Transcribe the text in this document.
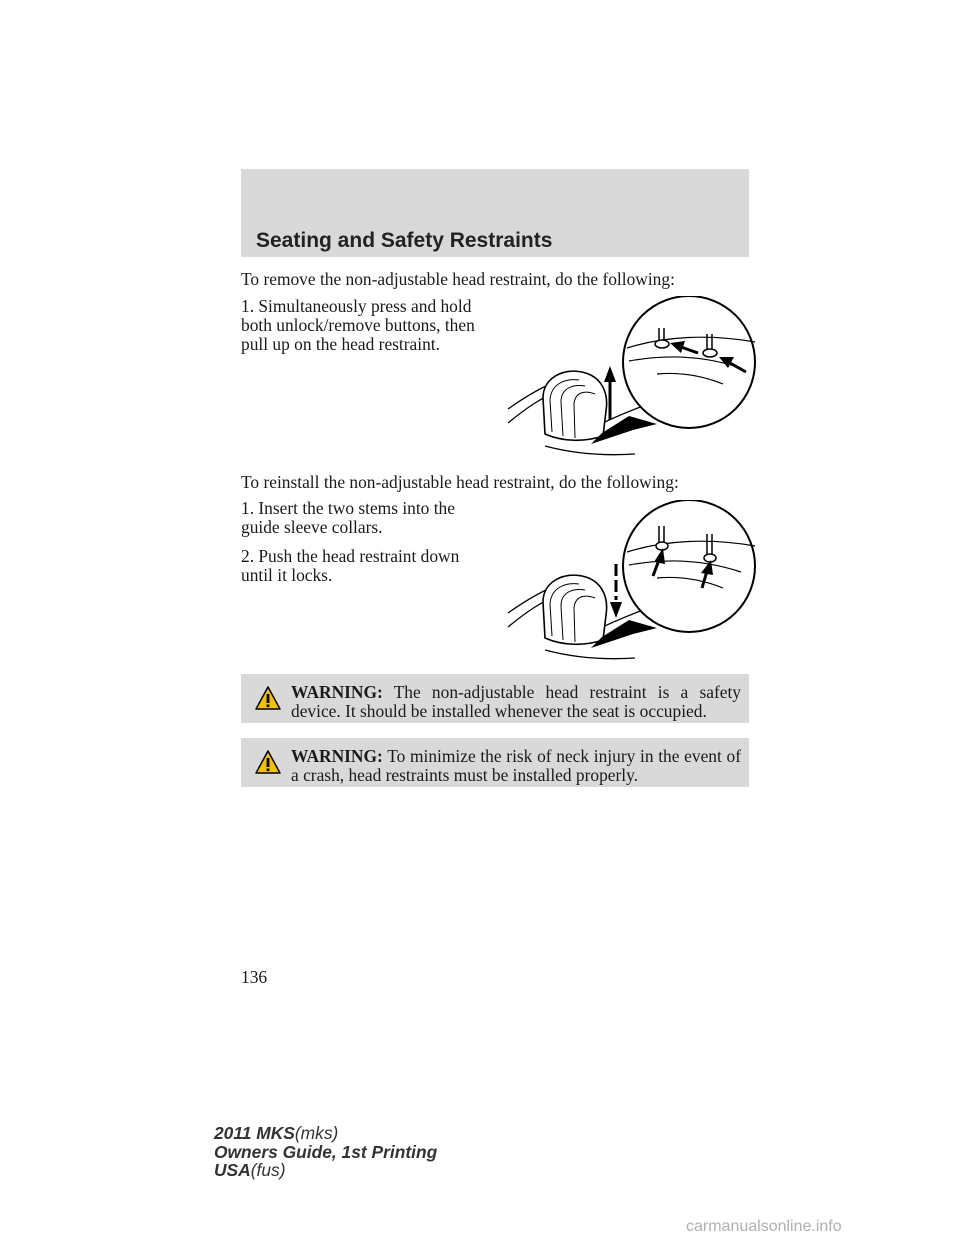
Seating and Safety Restraints

To remove the non-adjustable head restraint, do the following:

1. Simultaneously press and hold
both unlock/remove buttons, then
pull up on the head restraint.

To reinstall the non-adjustable head restraint, do the following:

1. Insert the two stems into the
guide sleeve collars.
2. Push the head restraint down
until it locks.
WARNING: The non-adjustable head restraint is a safety device. It should be installed whenever the seat is occupied.
WARNING: To minimize the risk of neck injury in the event of a crash, head restraints must be installed properly.
136
2011 MKS(mks)
Owners Guide, 1st Printing
USA(fus)
carmanualsonline.info
